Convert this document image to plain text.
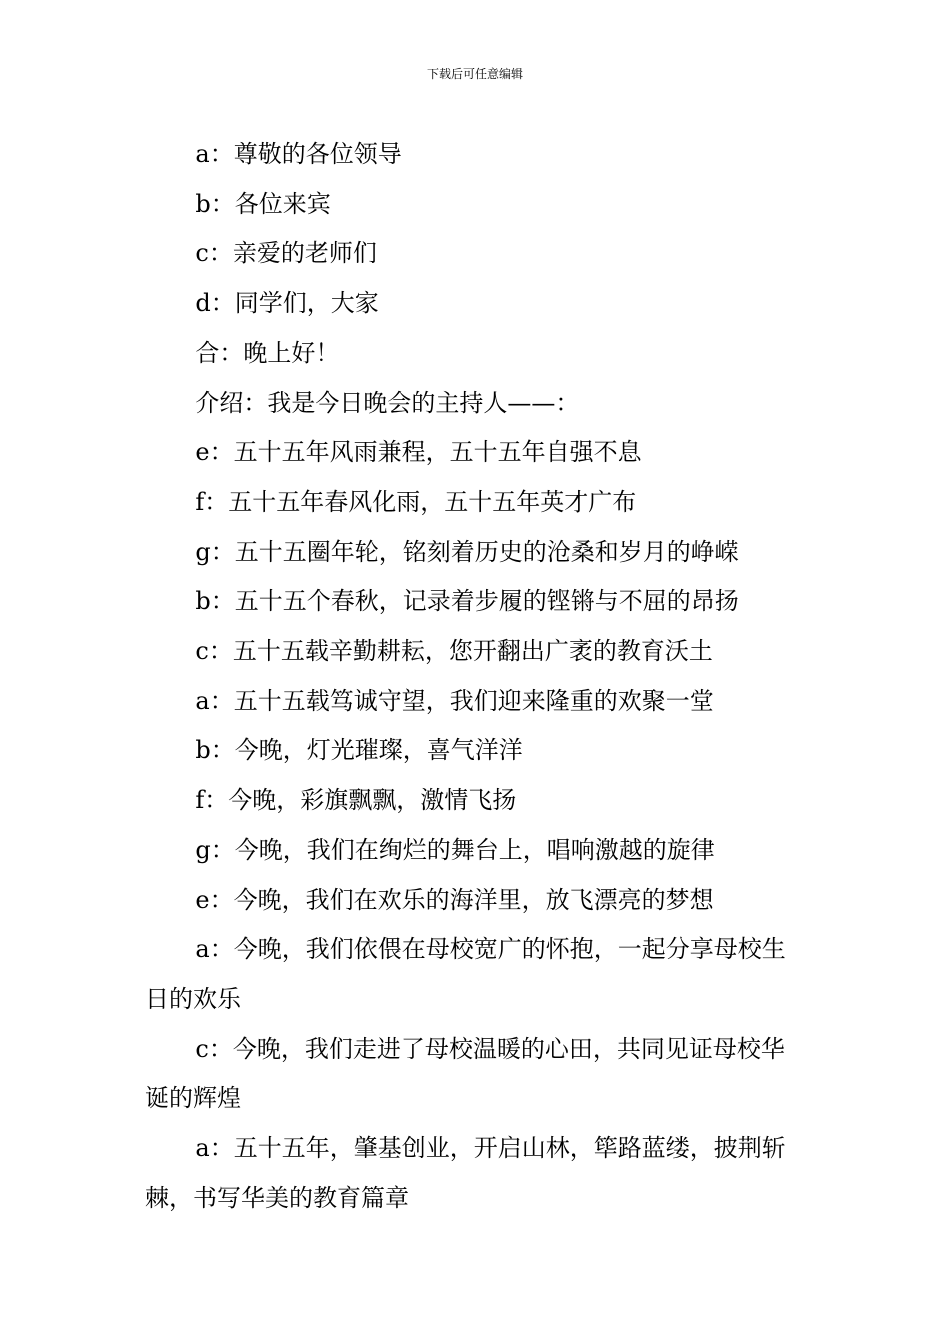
下载后可任意编辑

a：尊敬的各位领导

b：各位来宾

c：亲爱的老师们

d：同学们，大家

合：晚上好！

介绍：我是今日晚会的主持人——：

e：五十五年风雨兼程，五十五年自强不息

f：五十五年春风化雨，五十五年英才广布

g：五十五圈年轮，铭刻着历史的沧桑和岁月的峥嵘

b：五十五个春秋，记录着步履的铿锵与不屈的昂扬

c：五十五载辛勤耕耘，您开翻出广袤的教育沃土

a：五十五载笃诚守望，我们迎来隆重的欢聚一堂

b：今晚，灯光璀璨，喜气洋洋

f：今晚，彩旗飘飘，激情飞扬

g：今晚，我们在绚烂的舞台上，唱响激越的旋律

e：今晚，我们在欢乐的海洋里，放飞漂亮的梦想

a：今晚，我们依偎在母校宽广的怀抱，一起分享母校生日的欢乐

c：今晚，我们走进了母校温暖的心田，共同见证母校华诞的辉煌

a：五十五年，肇基创业，开启山林，筚路蓝缕，披荆斩棘，书写华美的教育篇章
